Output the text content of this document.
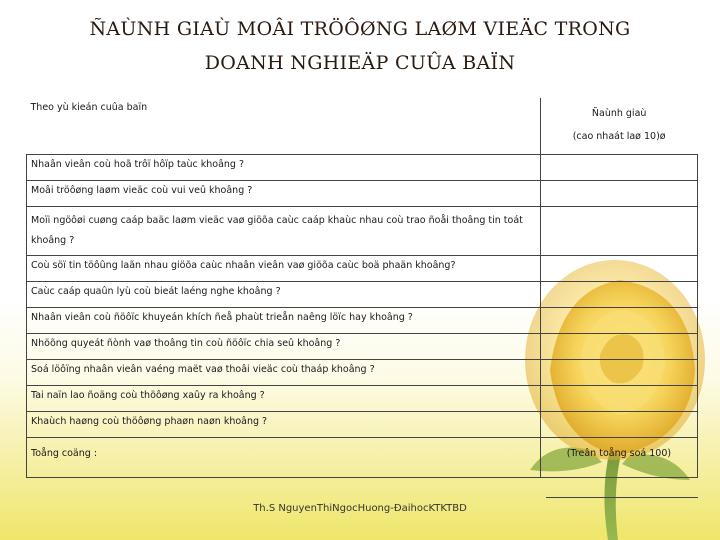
ÑAÙNH GIAÙ MOÂI TRÖÔØNG LAØM VIEÄC TRONG
DOANH NGHIEÄP CUÛA BAÏN
Theo yù kieán cuûa baïn	Ñaùnh giaù
(cao nhaát laø 10)ø

Nhaân vieân coù hoã trôï hôïp taùc khoâng ?	
Moâi tröôøng laøm vieäc coù vui veû khoâng ?	
Moïi ngöôøi cuøng caáp baäc laøm vieäc vaø giöõa caùc caáp khaùc nhau coù trao ñoåi thoâng tin toát khoâng ?	
Coù söï tin töôûng laãn nhau giöõa caùc nhaân vieân vaø giöõa caùc boä phaän khoâng?	
Caùc caáp quaûn lyù coù bieát laéng nghe khoâng ?	
Nhaân vieân coù ñöôïc khuyeán khích ñeå phaùt trieån naêng löïc hay khoâng ?	
Nhöõng quyeát ñònh vaø thoâng tin coù ñöôïc chia seû khoâng ?	
Soá löôïng nhaân vieân vaéng maët vaø thoâi vieäc coù thaáp khoâng ?	
Tai naïn lao ñoäng coù thöôøng xaûy ra khoâng ?	
Khaùch haøng coù thöôøng phaøn naøn khoâng ?	
Toång coäng :	(Treân toång soá 100)
Th.S NguyenThiNgocHuong-ĐaihocKTKTBD
